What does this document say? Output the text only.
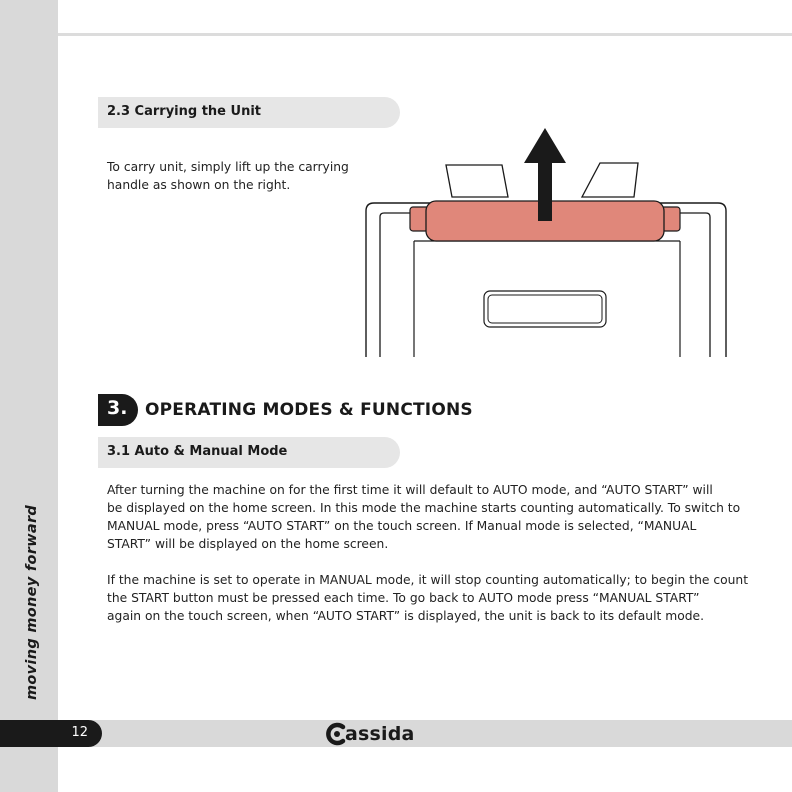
moving money forward
2.3 Carrying the Unit
To carry unit, simply lift up the carrying
handle as shown on the right.
3. OPERATING MODES & FUNCTIONS
3.1 Auto & Manual Mode
After turning the machine on for the first time it will default to AUTO mode, and “AUTO START” will
be displayed on the home screen. In this mode the machine starts counting automatically. To switch to
MANUAL mode, press “AUTO START” on the touch screen. If Manual mode is selected, “MANUAL
START” will be displayed on the home screen.
If the machine is set to operate in MANUAL mode, it will stop counting automatically; to begin the count
the START button must be pressed each time. To go back to AUTO mode press “MANUAL START”
again on the touch screen, when “AUTO START” is displayed, the unit is back to its default mode.
12	assida
